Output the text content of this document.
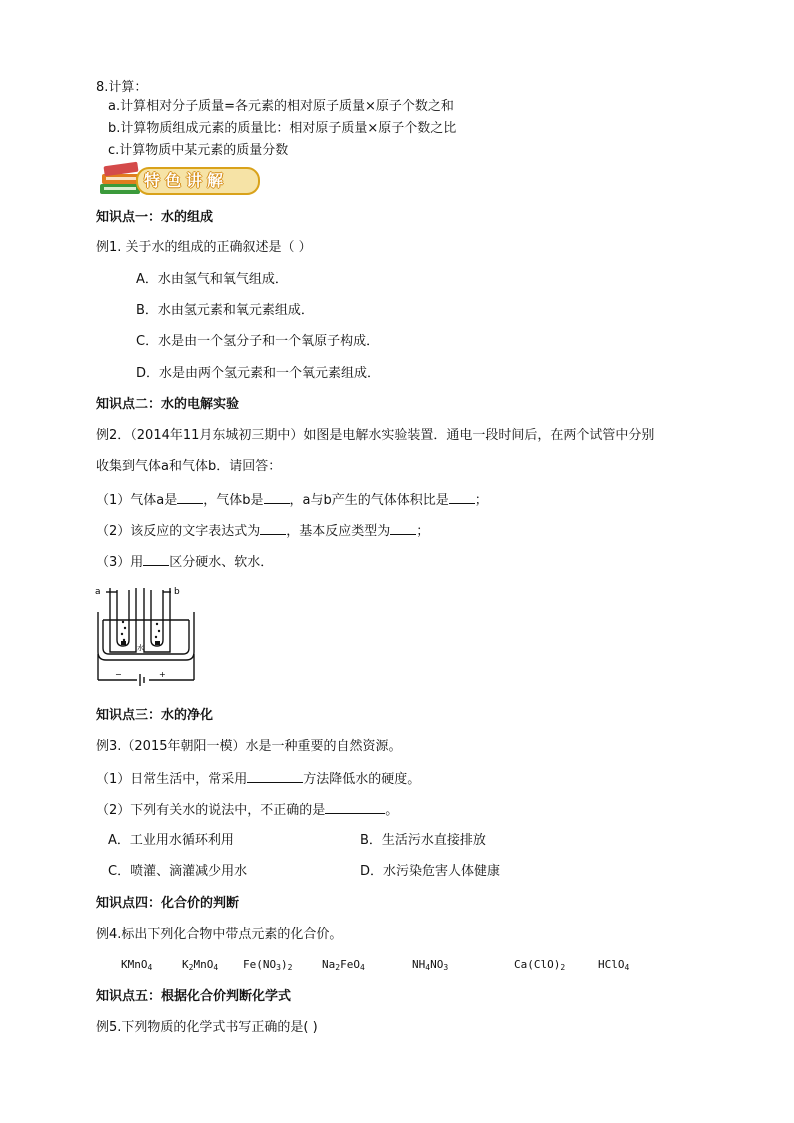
8.计算：
a.计算相对分子质量=各元素的相对原子质量×原子个数之和
b.计算物质组成元素的质量比：相对原子质量×原子个数之比
c.计算物质中某元素的质量分数
特色讲解
知识点一：水的组成
例1. 关于水的组成的正确叙述是（ ）
A．水由氢气和氧气组成．
B．水由氢元素和氧元素组成．
C．水是由一个氢分子和一个氧原子构成．
D．水是由两个氢元素和一个氧元素组成．
知识点二：水的电解实验
例2．（2014年11月东城初三期中）如图是电解水实验装置．通电一段时间后，在两个试管中分别
收集到气体a和气体b．请回答：
（1）气体a是 ，气体b是 ，a与b产生的气体体积比是 ；
（2）该反应的文字表达式为 ，基本反应类型为 ；
（3）用 区分硬水、软水．
a	b
水
−	+
知识点三：水的净化
例3.（2015年朝阳一模）水是一种重要的自然资源。
（1）日常生活中，常采用	方法降低水的硬度。
（2）下列有关水的说法中，不正确的是	。
A．工业用水循环利用	B．生活污水直接排放
C．喷灌、滴灌减少用水	D．水污染危害人体健康
知识点四：化合价的判断
例4.标出下列化合物中带点元素的化合价。
KMnO$_4$	$K_2MnO_4$ $Fe(NO_3)_2$	$Na_2FeO_4$	$NH_4NO_3$	$Ca(ClO)_2$	HClO$_4$
知识点五：根据化合价判断化学式
例5.下列物质的化学式书写正确的是( )
